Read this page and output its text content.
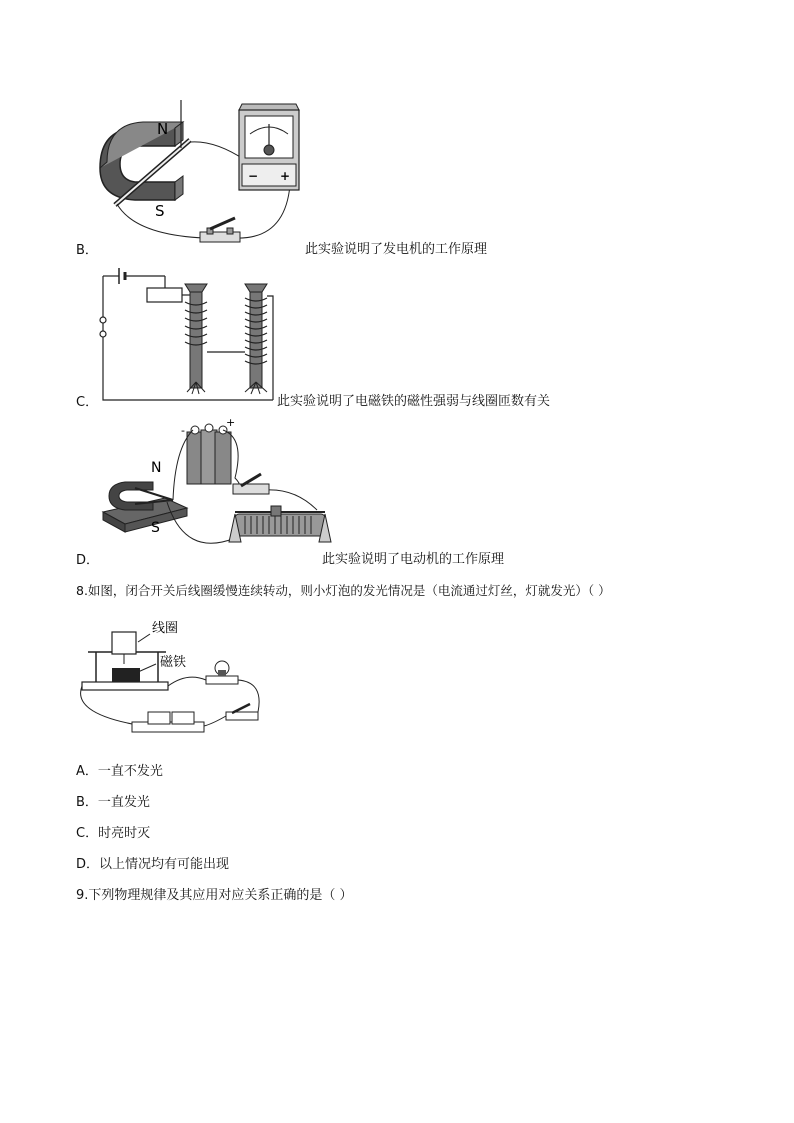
N
S
− +
B．	此实验说明了发电机的工作原理
C．	此实验说明了电磁铁的磁性强弱与线圈匝数有关
-
+
N
S
D．	此实验说明了电动机的工作原理
8.如图，闭合开关后线圈缓慢连续转动，则小灯泡的发光情况是（电流通过灯丝，灯就发光）（ ）
线圈
磁铁
A．一直不发光
B．一直发光
C．时亮时灭
D．以上情况均有可能出现
9.下列物理规律及其应用对应关系正确的是（ ）
